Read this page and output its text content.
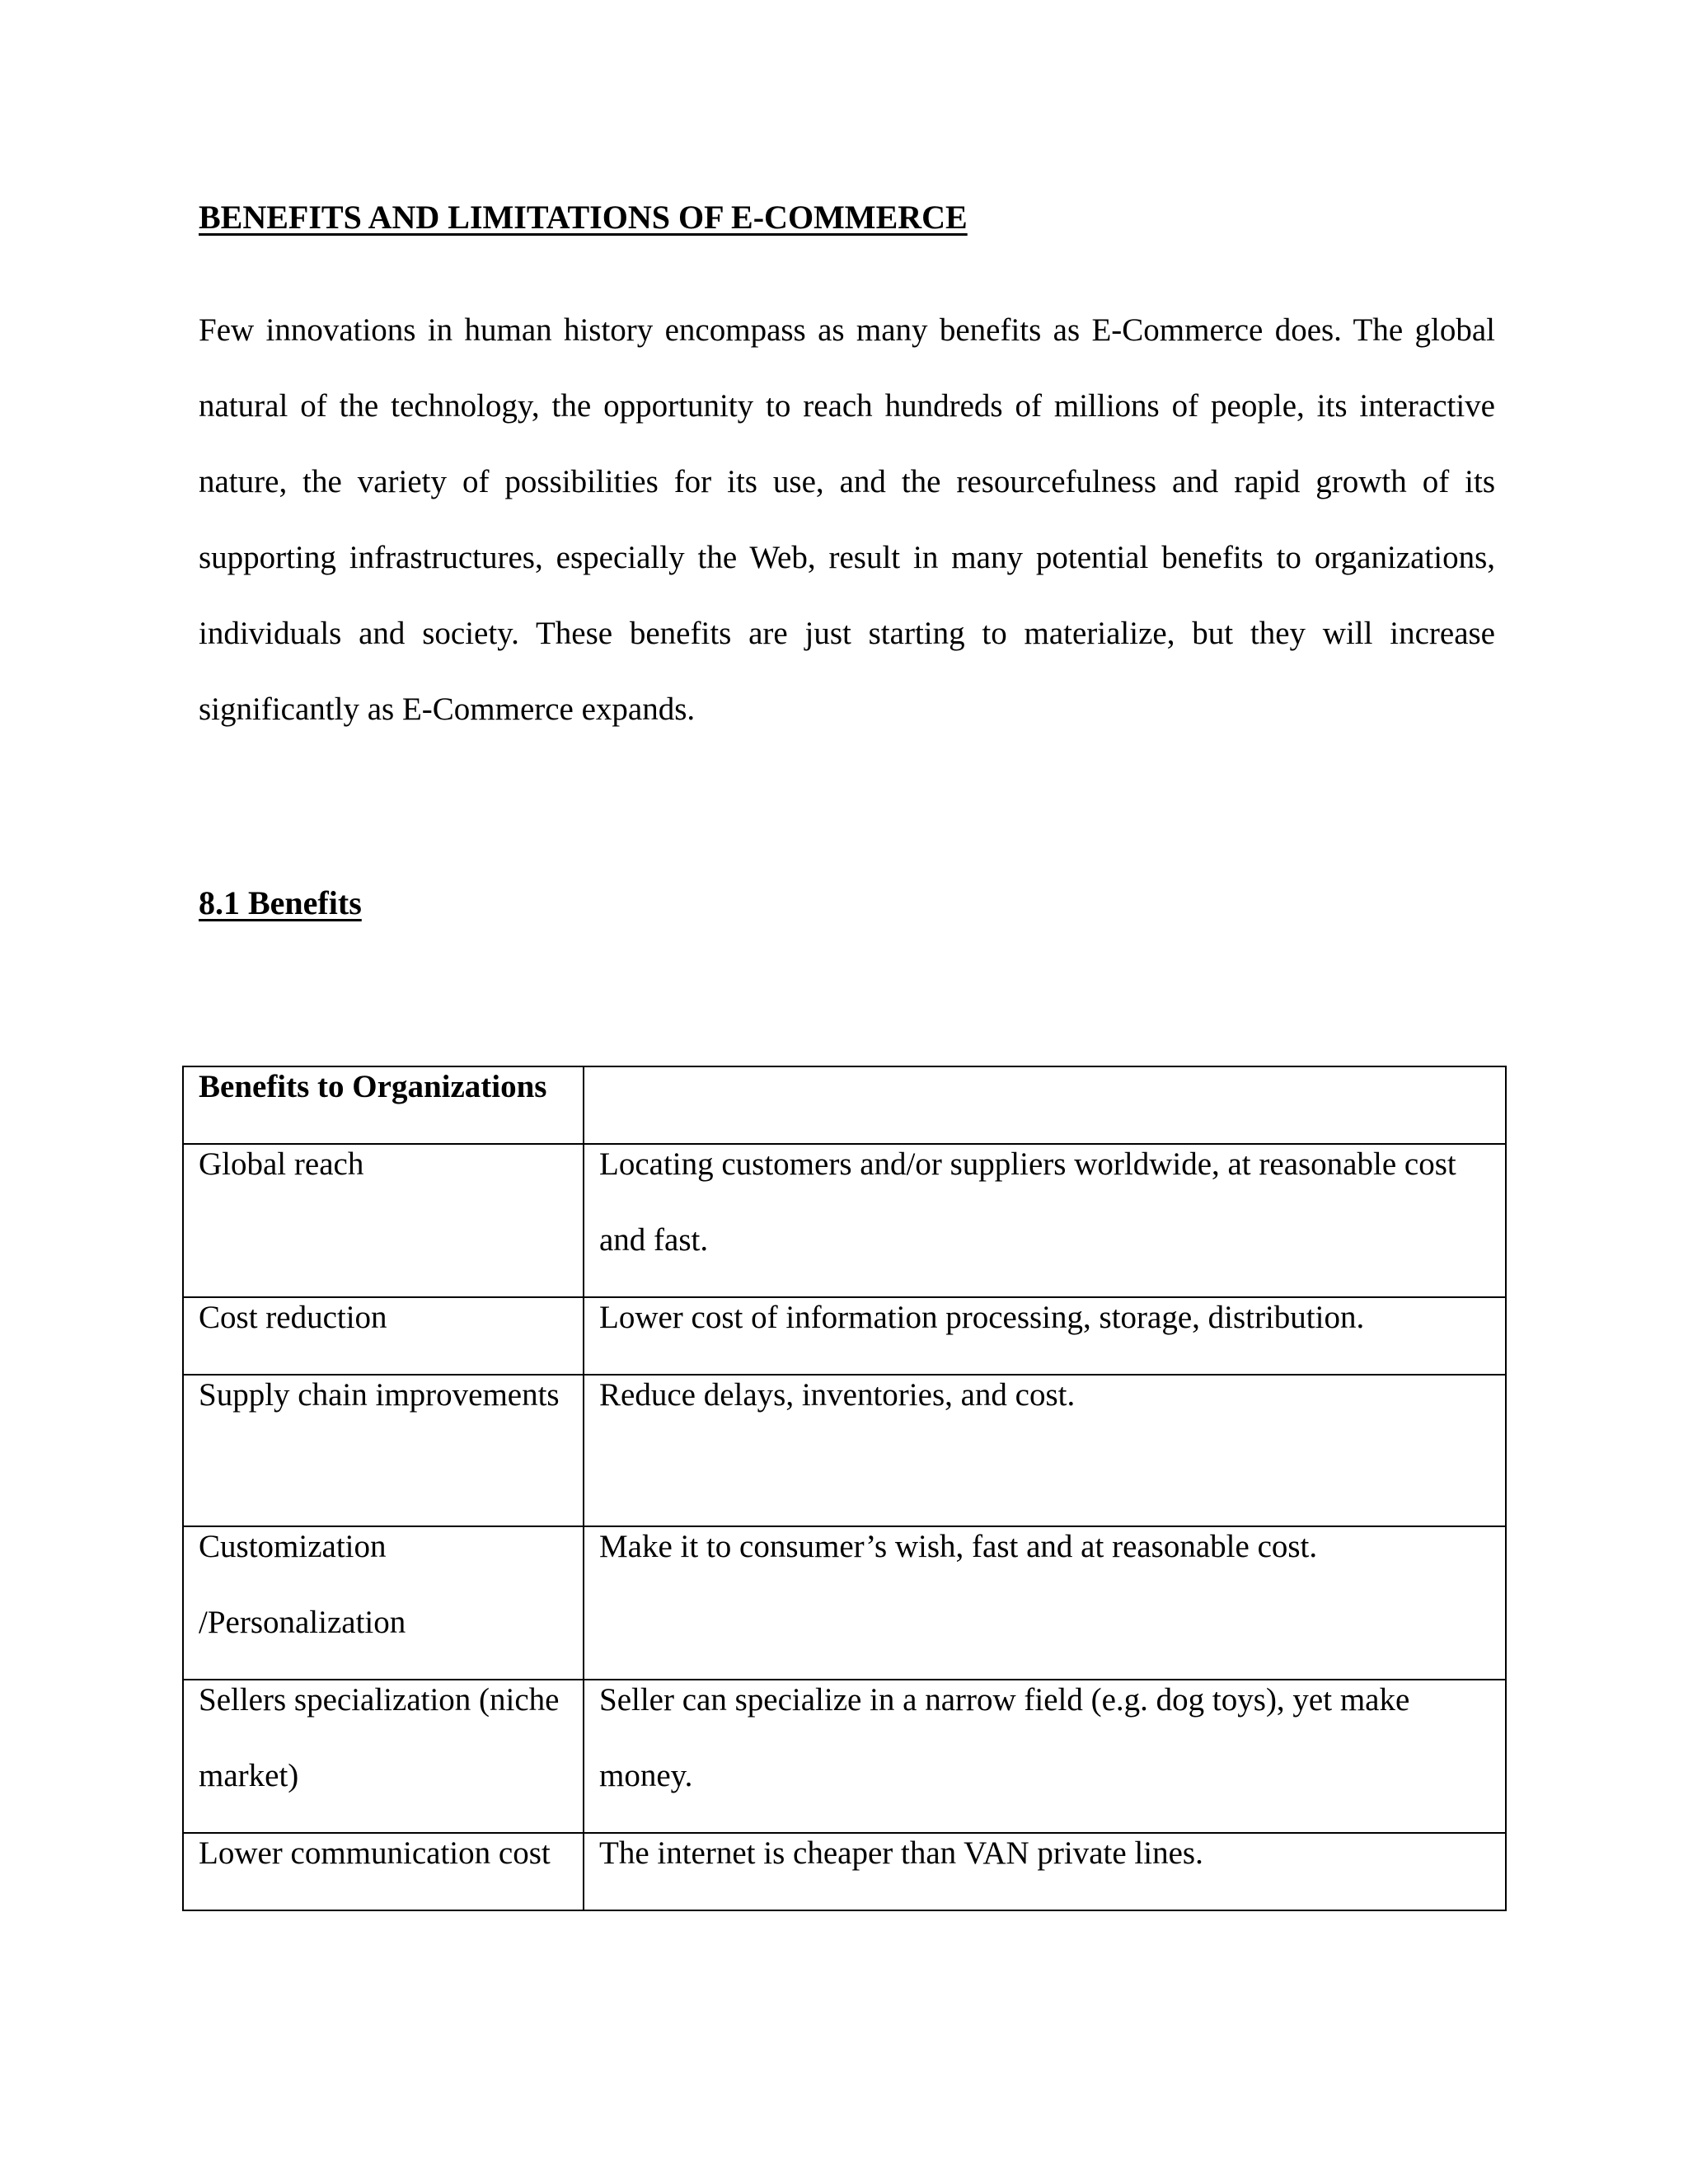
BENEFITS AND LIMITATIONS OF E-COMMERCE

Few innovations in human history encompass as many benefits as E-Commerce does. The global natural of the technology, the opportunity to reach hundreds of millions of people, its interactive nature, the variety of possibilities for its use, and the resourcefulness and rapid growth of its supporting infrastructures, especially the Web, result in many potential benefits to organizations, individuals and society. These benefits are just starting to materialize, but they will increase significantly as E-Commerce expands.

8.1 Benefits
Benefits to Organizations	

Global reach	Locating customers and/or suppliers worldwide, at reasonable cost and fast.

Cost reduction	Lower cost of information processing, storage, distribution.

Supply chain improvements	Reduce delays, inventories, and cost.

Customization /Personalization	Make it to consumer’s wish, fast and at reasonable cost.

Sellers specialization (niche market)	Seller can specialize in a narrow field (e.g. dog toys), yet make money.

Lower communication cost	The internet is cheaper than VAN private lines.
